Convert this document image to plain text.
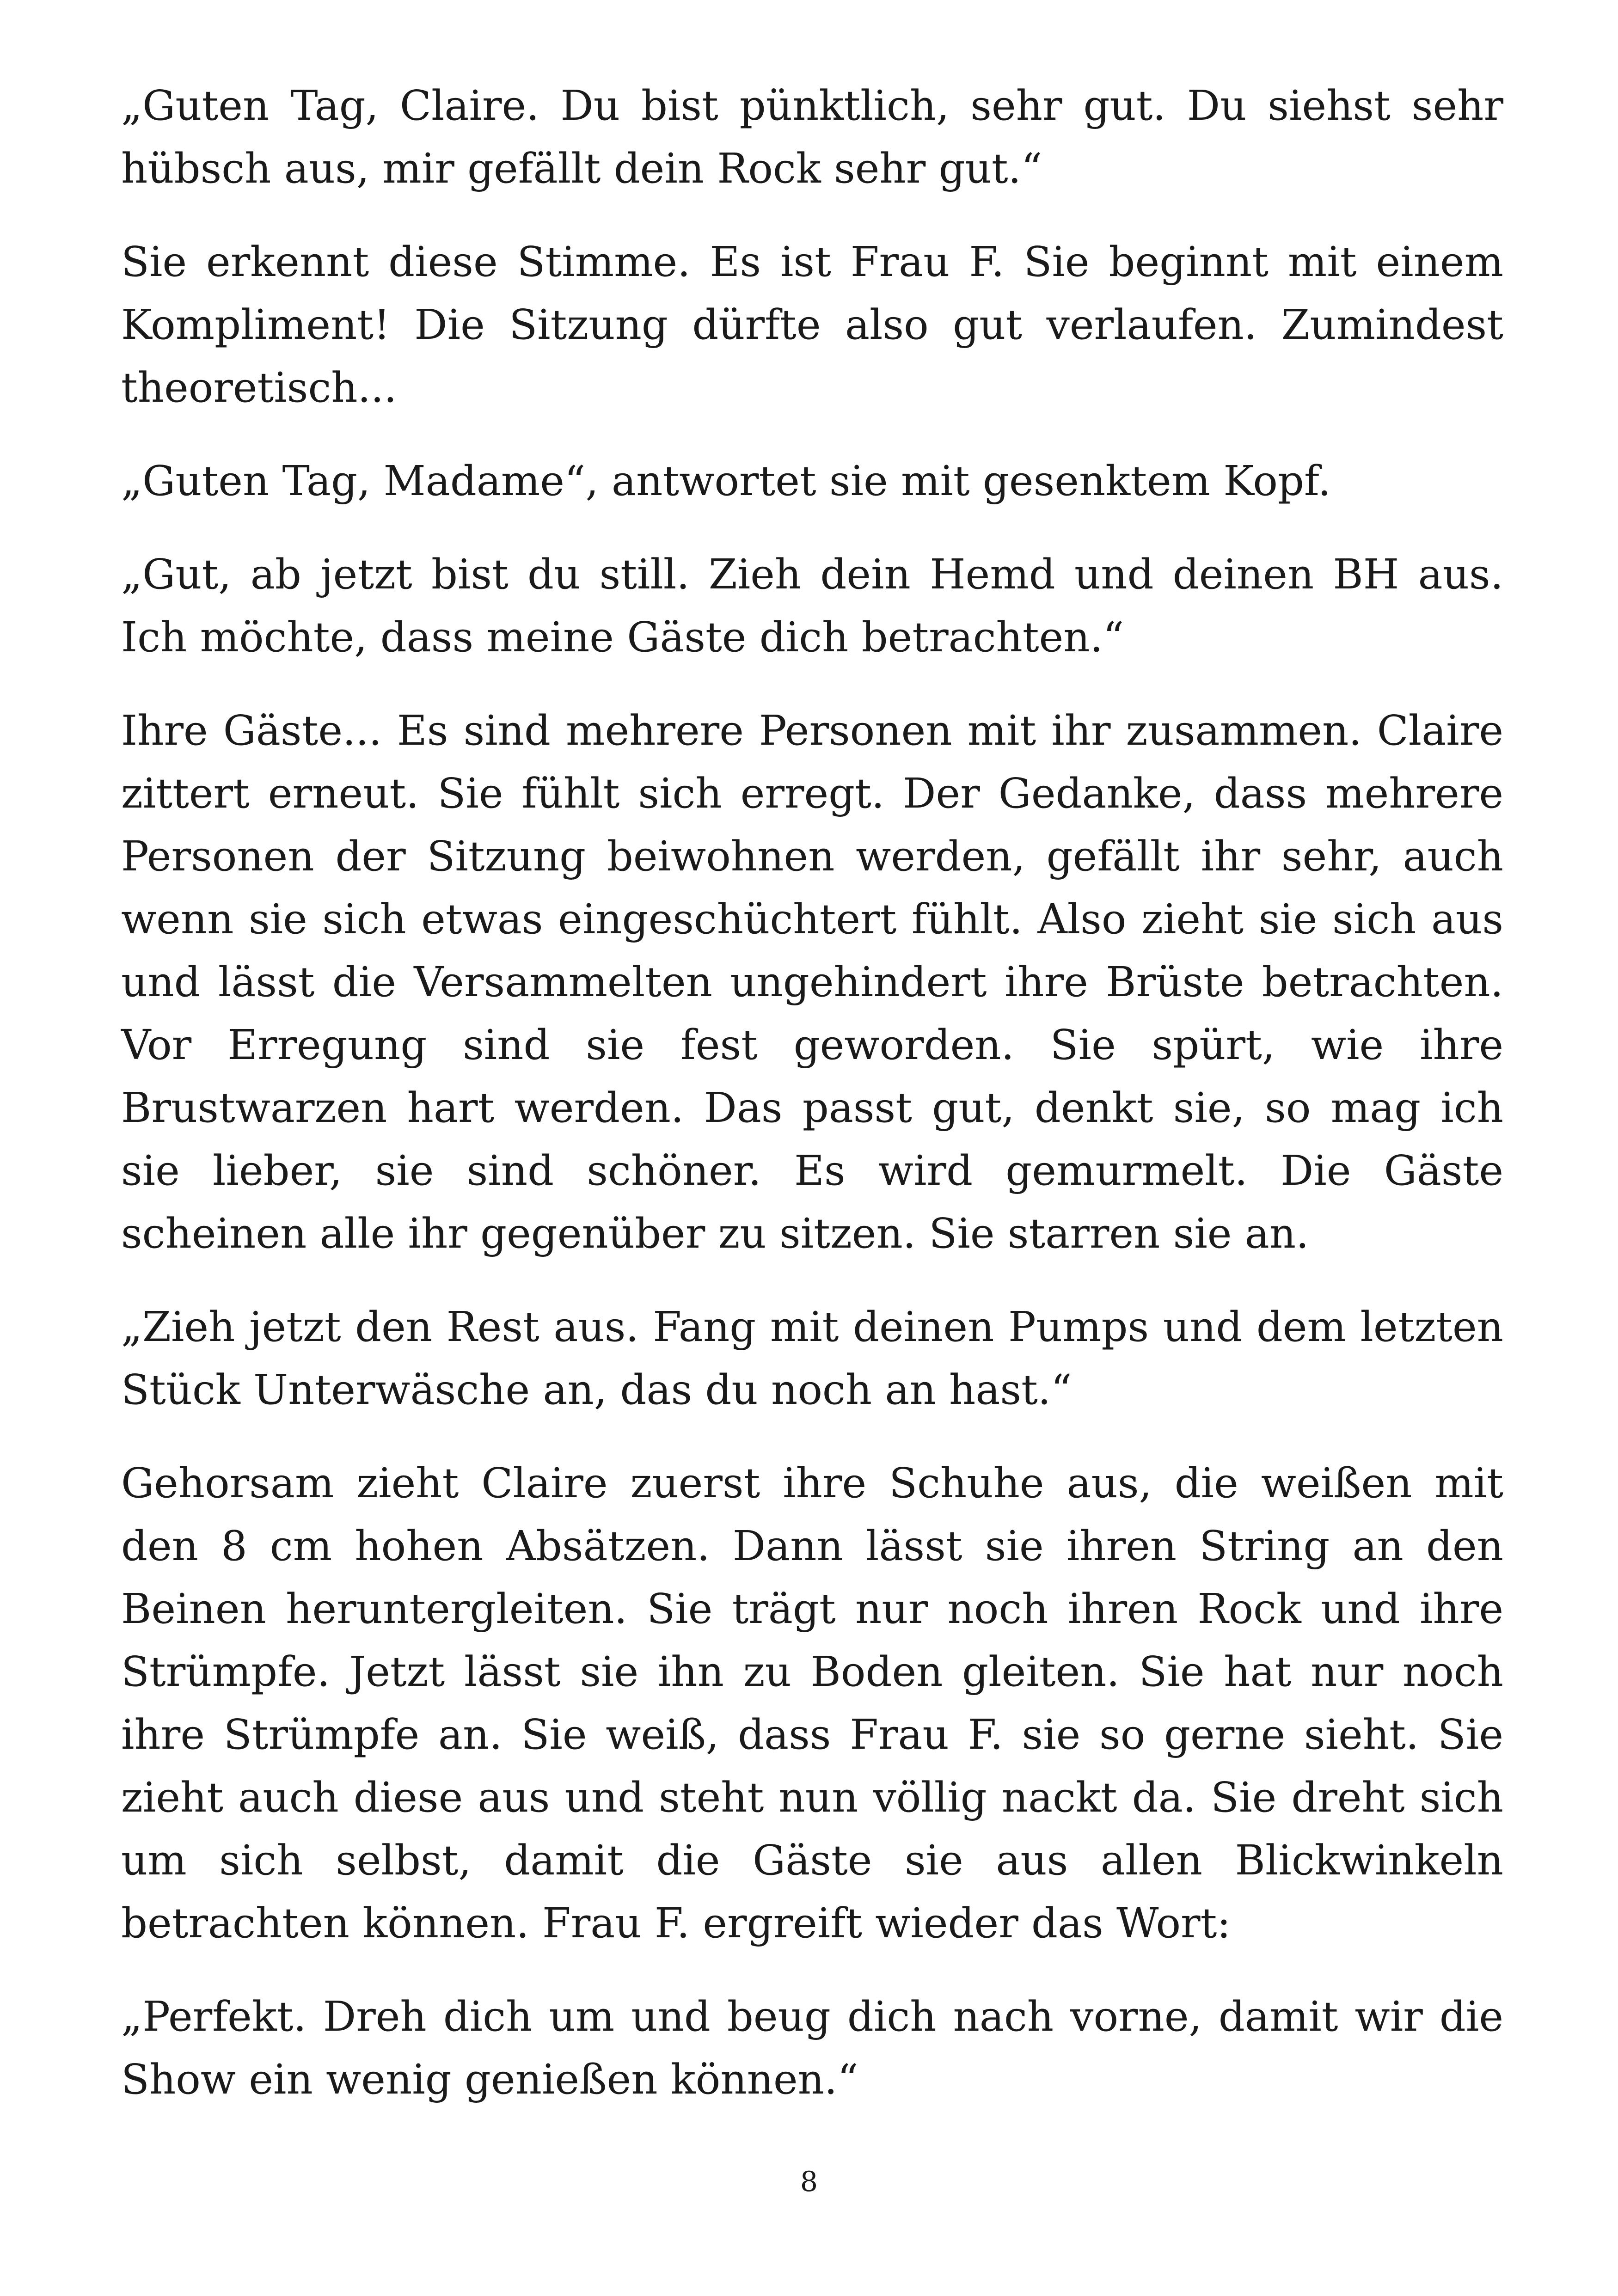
„Guten Tag, Claire. Du bist pünktlich, sehr gut. Du siehst sehr hübsch aus, mir gefällt dein Rock sehr gut.“

Sie erkennt diese Stimme. Es ist Frau F. Sie beginnt mit einem Kompliment! Die Sitzung dürfte also gut verlaufen. Zumindest theoretisch...

„Guten Tag, Madame“, antwortet sie mit gesenktem Kopf.

„Gut, ab jetzt bist du still. Zieh dein Hemd und deinen BH aus. Ich möchte, dass meine Gäste dich betrachten.“

Ihre Gäste... Es sind mehrere Personen mit ihr zusammen. Claire zittert erneut. Sie fühlt sich erregt. Der Gedanke, dass mehrere Personen der Sitzung beiwohnen werden, gefällt ihr sehr, auch wenn sie sich etwas eingeschüchtert fühlt. Also zieht sie sich aus und lässt die Versammelten ungehindert ihre Brüste betrachten. Vor Erregung sind sie fest geworden. Sie spürt, wie ihre Brustwarzen hart werden. Das passt gut, denkt sie, so mag ich sie lieber, sie sind schöner. Es wird gemurmelt. Die Gäste scheinen alle ihr gegenüber zu sitzen. Sie starren sie an.

„Zieh jetzt den Rest aus. Fang mit deinen Pumps und dem letzten Stück Unterwäsche an, das du noch an hast.“

Gehorsam zieht Claire zuerst ihre Schuhe aus, die weißen mit den 8 cm hohen Absätzen. Dann lässt sie ihren String an den Beinen heruntergleiten. Sie trägt nur noch ihren Rock und ihre Strümpfe. Jetzt lässt sie ihn zu Boden gleiten. Sie hat nur noch ihre Strümpfe an. Sie weiß, dass Frau F. sie so gerne sieht. Sie zieht auch diese aus und steht nun völlig nackt da. Sie dreht sich um sich selbst, damit die Gäste sie aus allen Blickwinkeln betrachten können. Frau F. ergreift wieder das Wort:

„Perfekt. Dreh dich um und beug dich nach vorne, damit wir die Show ein wenig genießen können.“

8
